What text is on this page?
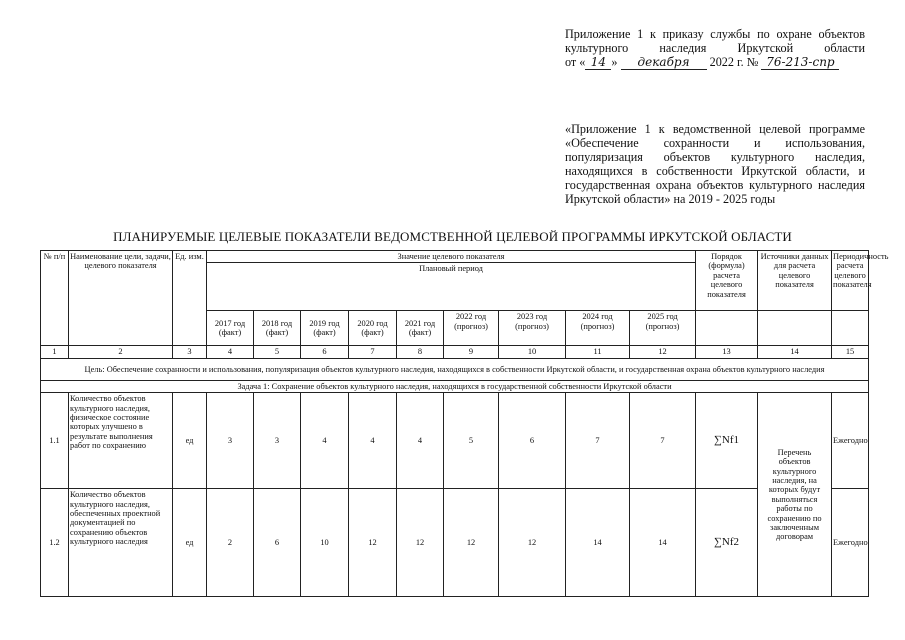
Приложение 1 к приказу службы по охране объектов
культурного	наследия	Иркутской	области
от « 14 » декабря 2022 г. № 76-213-спр
«Приложение 1 к ведомственной целевой программе «Обеспечение сохранности и использования, популяризация объектов культурного наследия, находящихся в собственности Иркутской области, и государственная охрана объектов культурного наследия Иркутской области» на 2019 - 2025 годы
ПЛАНИРУЕМЫЕ ЦЕЛЕВЫЕ ПОКАЗАТЕЛИ ВЕДОМСТВЕННОЙ ЦЕЛЕВОЙ ПРОГРАММЫ ИРКУТСКОЙ ОБЛАСТИ
№ п/п	Наименование цели, задачи, целевого показателя	Ед. изм.	Значение целевого показателя									Порядок (формула) расчета целевого показателя	Источники данных для расчета целевого показателя	Периодичность расчета целевого показателя
			Плановый период											
			2017 год (факт)	2018 год (факт)	2019 год (факт)	2020 год (факт)	2021 год (факт)	2022 год (прогноз)	2023 год (прогноз)	2024 год (прогноз)	2025 год (прогноз)			
1	2	3	4	5	6	7	8	9	10	11	12	13	14	15
Цель: Обеспечение сохранности и использования, популяризация объектов культурного наследия, находящихся в собственности Иркутской области, и государственная охрана объектов культурного наследия														
Задача 1: Сохранение объектов культурного наследия, находящихся в государственной собственности Иркутской области														
1.1	Количество объектов культурного наследия, физическое состояние которых улучшено в результате выполнения работ по сохранению	ед	3	3	4	4	4	5	6	7	7	∑Nf1	Перечень объектов культурного наследия, на которых будут выполняться работы по сохранению по заключенным договорам	Ежегодно
1.2	Количество объектов культурного наследия, обеспеченных проектной документацией по сохранению объектов культурного наследия	ед	2	6	10	12	12	12	12	14	14	∑Nf2		Ежегодно
